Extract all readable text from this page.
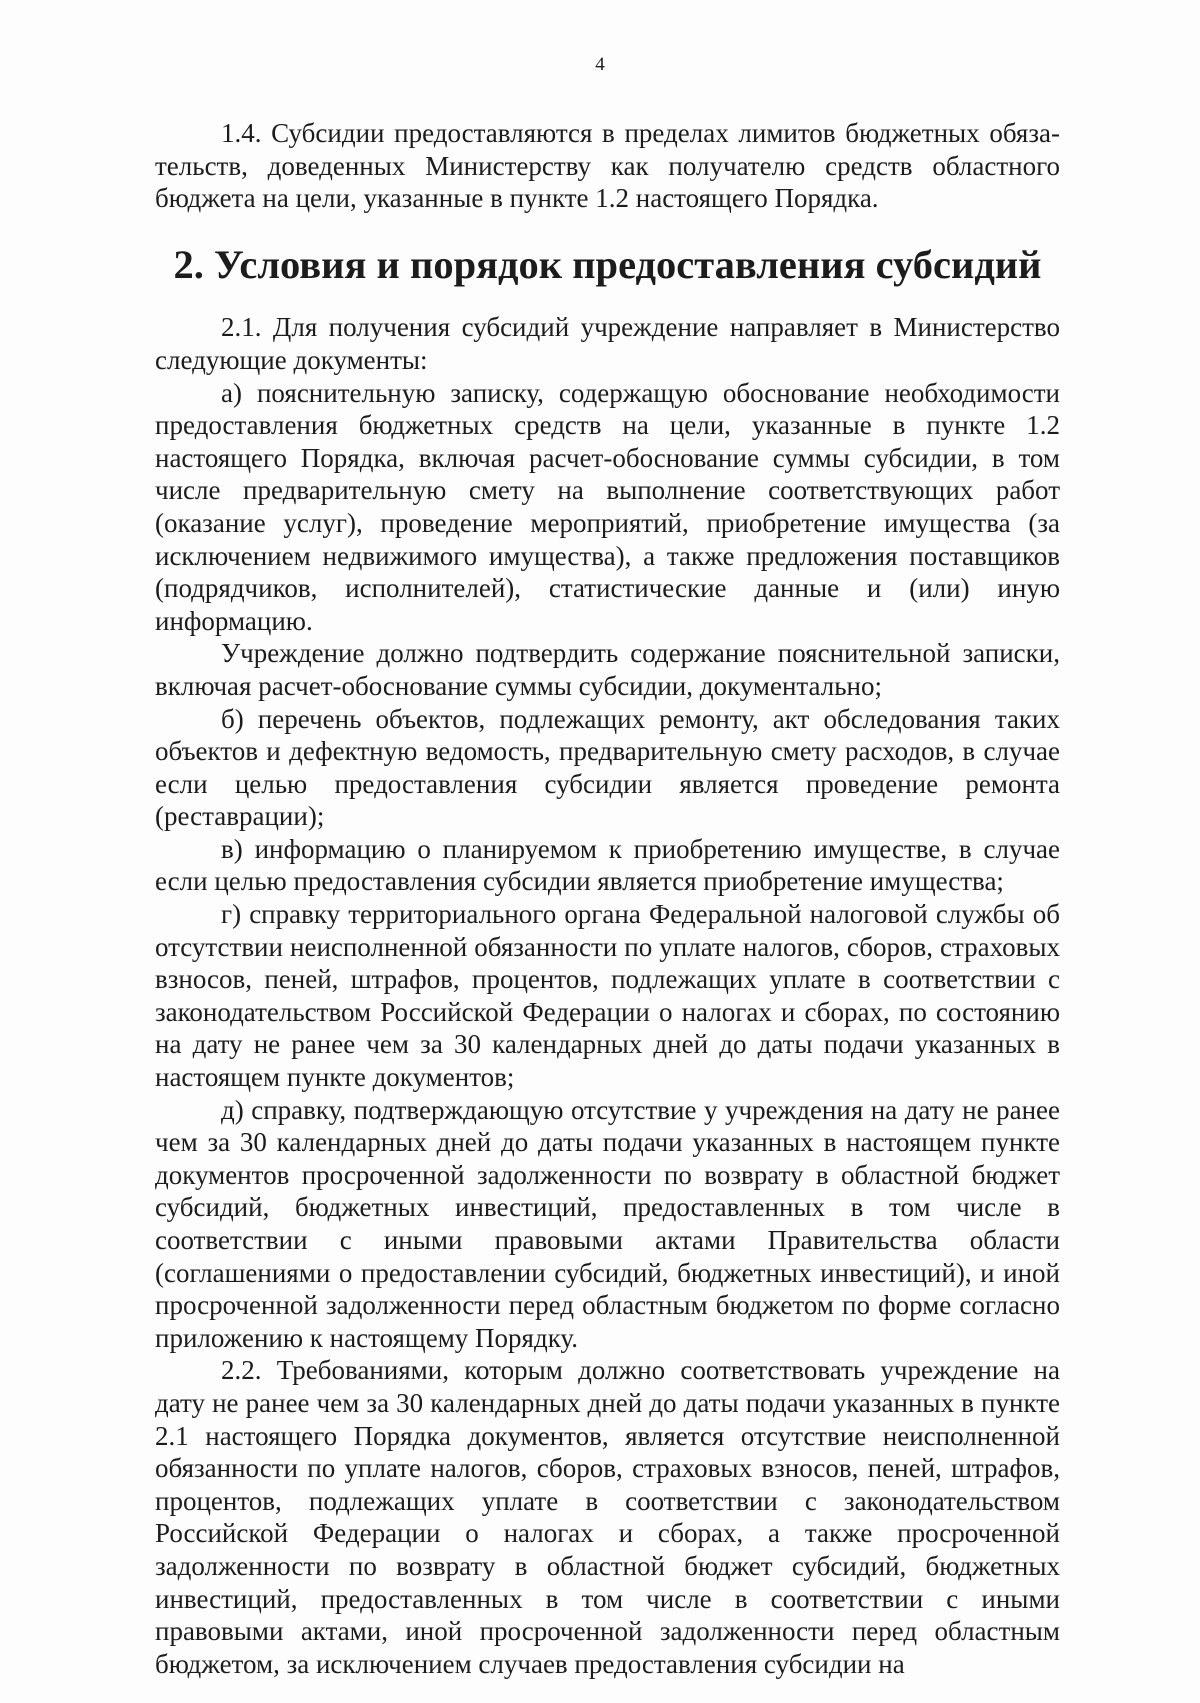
4

1.4. Субсидии предоставляются в пределах лимитов бюджетных обязательств, доведенных Министерству как получателю средств областного бюджета на цели, указанные в пункте 1.2 настоящего Порядка.

2. Условия и порядок предоставления субсидий

2.1. Для получения субсидий учреждение направляет в Министерство следующие документы:

а) пояснительную записку, содержащую обоснование необходимости предоставления бюджетных средств на цели, указанные в пункте 1.2 настоящего Порядка, включая расчет-обоснование суммы субсидии, в том числе предварительную смету на выполнение соответствующих работ (оказание услуг), проведение мероприятий, приобретение имущества (за исключением недвижимого имущества), а также предложения поставщиков (подрядчиков, исполнителей), статистические данные и (или) иную информацию.

Учреждение должно подтвердить содержание пояснительной записки, включая расчет-обоснование суммы субсидии, документально;

б) перечень объектов, подлежащих ремонту, акт обследования таких объектов и дефектную ведомость, предварительную смету расходов, в случае если целью предоставления субсидии является проведение ремонта (реставрации);

в) информацию о планируемом к приобретению имуществе, в случае если целью предоставления субсидии является приобретение имущества;

г) справку территориального органа Федеральной налоговой службы об отсутствии неисполненной обязанности по уплате налогов, сборов, страховых взносов, пеней, штрафов, процентов, подлежащих уплате в соответствии с законодательством Российской Федерации о налогах и сборах, по состоянию на дату не ранее чем за 30 календарных дней до даты подачи указанных в настоящем пункте документов;

д) справку, подтверждающую отсутствие у учреждения на дату не ранее чем за 30 календарных дней до даты подачи указанных в настоящем пункте документов просроченной задолженности по возврату в областной бюджет субсидий, бюджетных инвестиций, предоставленных в том числе в соответствии с иными правовыми актами Правительства области (соглашениями о предоставлении субсидий, бюджетных инвестиций), и иной просроченной задолженности перед областным бюджетом по форме согласно приложению к настоящему Порядку.

2.2. Требованиями, которым должно соответствовать учреждение на дату не ранее чем за 30 календарных дней до даты подачи указанных в пункте 2.1 настоящего Порядка документов, является отсутствие неисполненной обязанности по уплате налогов, сборов, страховых взносов, пеней, штрафов, процентов, подлежащих уплате в соответствии с законодательством Российской Федерации о налогах и сборах, а также просроченной задолженности по возврату в областной бюджет субсидий, бюджетных инвестиций, предоставленных в том числе в соответствии с иными правовыми актами, иной просроченной задолженности перед областным бюджетом, за исключением случаев предоставления субсидии на
